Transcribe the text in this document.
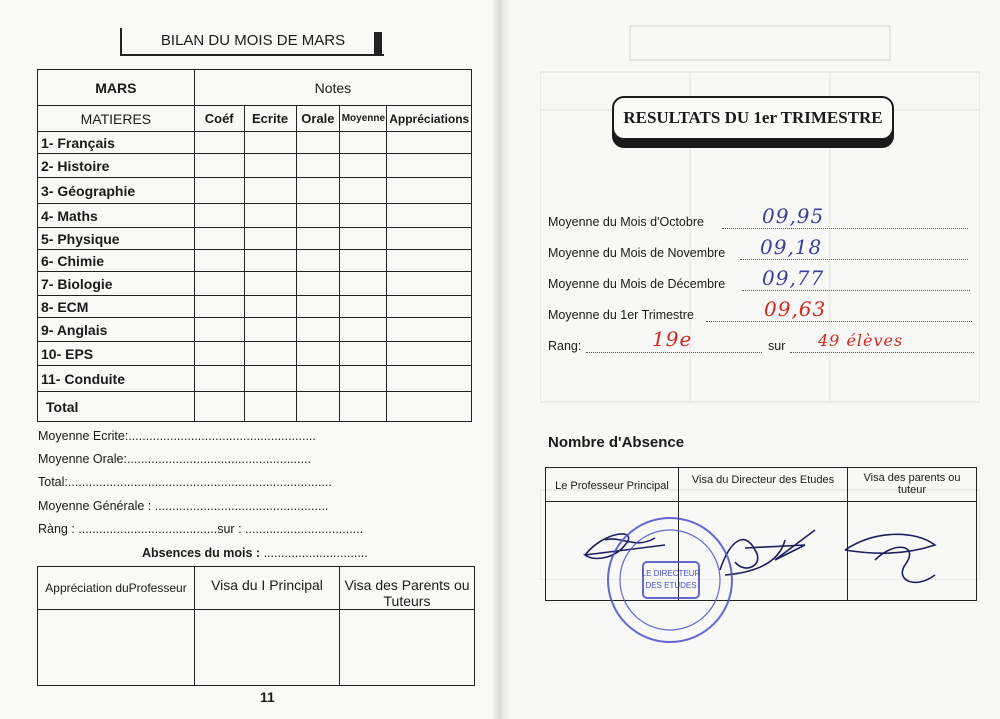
BILAN DU MOIS DE MARS
MARS	Notes				
MATIERES	Coéf	Ecrite	Orale	Moyenne	Appréciations
1- Français					
2- Histoire					
3- Géographie					
4- Maths					
5- Physique					
6- Chimie					
7- Biologie					
8- ECM					
9- Anglais					
10- EPS					
11- Conduite					
Total					
Moyenne Ecrite:......................................................
Moyenne Orale:.....................................................
Total:............................................................................
Moyenne Générale : ..................................................
Ràng : ........................................sur : ..................................
Absences du mois : ..............................
Appréciation duProfesseur	Visa du I Principal	Visa des Parents ou Tuteurs

11
RESULTATS DU 1er TRIMESTRE
Moyenne du Mois d'Octobre	09,95
Moyenne du Mois de Novembre 09,18
Moyenne du Mois de Décembre 09,77
Moyenne du 1er Trimestre	09,63
Rang:	19e	sur 49 élèves
Nombre d'Absence
Le Professeur Principal	Visa du Directeur des Etudes	Visa des parents ou tuteur

LE DIRECTEUR
DES ETUDES
